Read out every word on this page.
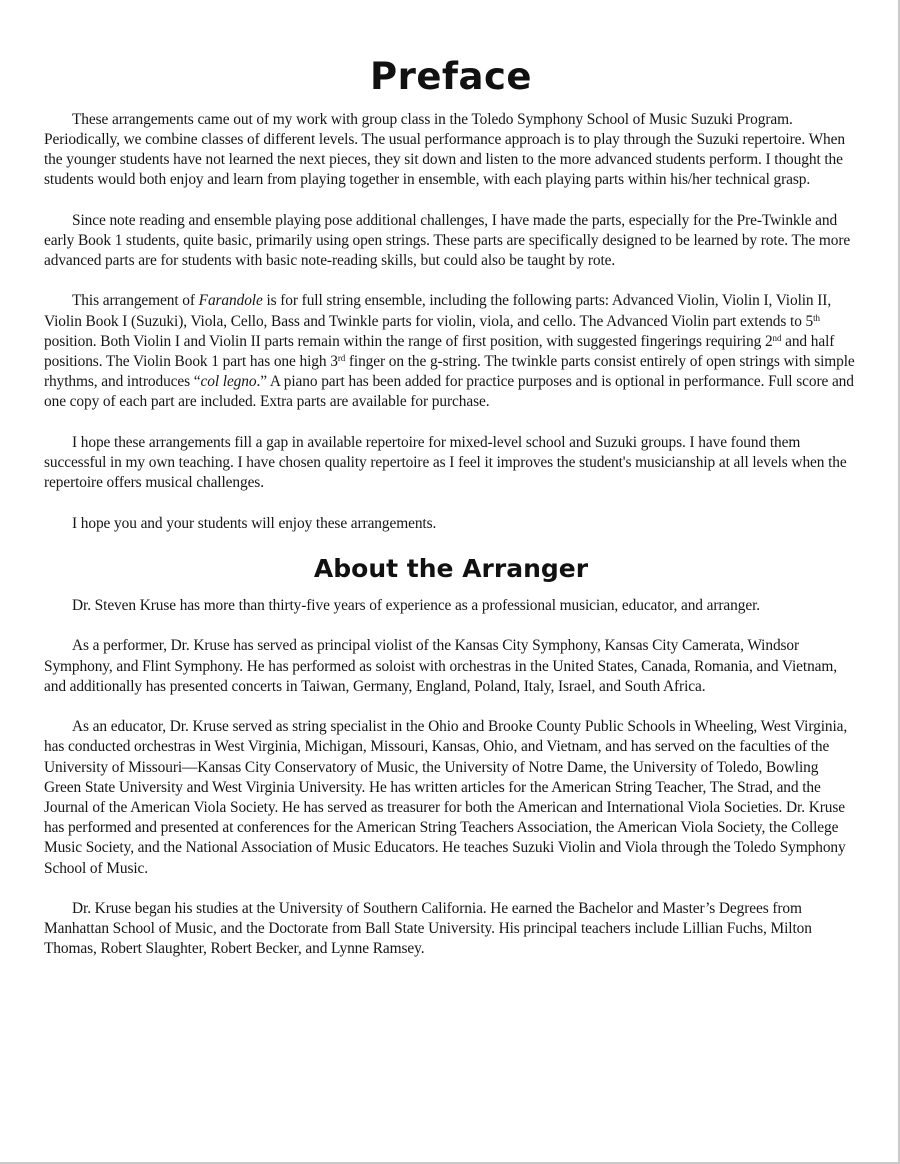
Preface

These arrangements came out of my work with group class in the Toledo Symphony School of Music Suzuki Program. Periodically, we combine classes of different levels. The usual performance approach is to play through the Suzuki repertoire. When the younger students have not learned the next pieces, they sit down and listen to the more advanced students perform. I thought the students would both enjoy and learn from playing together in ensemble, with each playing parts within his/her technical grasp.

Since note reading and ensemble playing pose additional challenges, I have made the parts, especially for the Pre-Twinkle and early Book 1 students, quite basic, primarily using open strings. These parts are specifically designed to be learned by rote. The more advanced parts are for students with basic note-reading skills, but could also be taught by rote.

This arrangement of Farandole is for full string ensemble, including the following parts: Advanced Violin, Violin I, Violin II, Violin Book I (Suzuki), Viola, Cello, Bass and Twinkle parts for violin, viola, and cello. The Advanced Violin part extends to 5th position. Both Violin I and Violin II parts remain within the range of first position, with suggested fingerings requiring 2nd and half positions. The Violin Book 1 part has one high 3rd finger on the g-string. The twinkle parts consist entirely of open strings with simple rhythms, and introduces “col legno.” A piano part has been added for practice purposes and is optional in performance. Full score and one copy of each part are included. Extra parts are available for purchase.

I hope these arrangements fill a gap in available repertoire for mixed-level school and Suzuki groups. I have found them successful in my own teaching. I have chosen quality repertoire as I feel it improves the student's musicianship at all levels when the repertoire offers musical challenges.

I hope you and your students will enjoy these arrangements.

About the Arranger

Dr. Steven Kruse has more than thirty-five years of experience as a professional musician, educator, and arranger.

As a performer, Dr. Kruse has served as principal violist of the Kansas City Symphony, Kansas City Camerata, Windsor Symphony, and Flint Symphony. He has performed as soloist with orchestras in the United States, Canada, Romania, and Vietnam, and additionally has presented concerts in Taiwan, Germany, England, Poland, Italy, Israel, and South Africa.

As an educator, Dr. Kruse served as string specialist in the Ohio and Brooke County Public Schools in Wheeling, West Virginia, has conducted orchestras in West Virginia, Michigan, Missouri, Kansas, Ohio, and Vietnam, and has served on the faculties of the University of Missouri—Kansas City Conservatory of Music, the University of Notre Dame, the University of Toledo, Bowling Green State University and West Virginia University. He has written articles for the American String Teacher, The Strad, and the Journal of the American Viola Society. He has served as treasurer for both the American and International Viola Societies. Dr. Kruse has performed and presented at conferences for the American String Teachers Association, the American Viola Society, the College Music Society, and the National Association of Music Educators. He teaches Suzuki Violin and Viola through the Toledo Symphony School of Music.

Dr. Kruse began his studies at the University of Southern California. He earned the Bachelor and Master’s Degrees from Manhattan School of Music, and the Doctorate from Ball State University. His principal teachers include Lillian Fuchs, Milton Thomas, Robert Slaughter, Robert Becker, and Lynne Ramsey.
